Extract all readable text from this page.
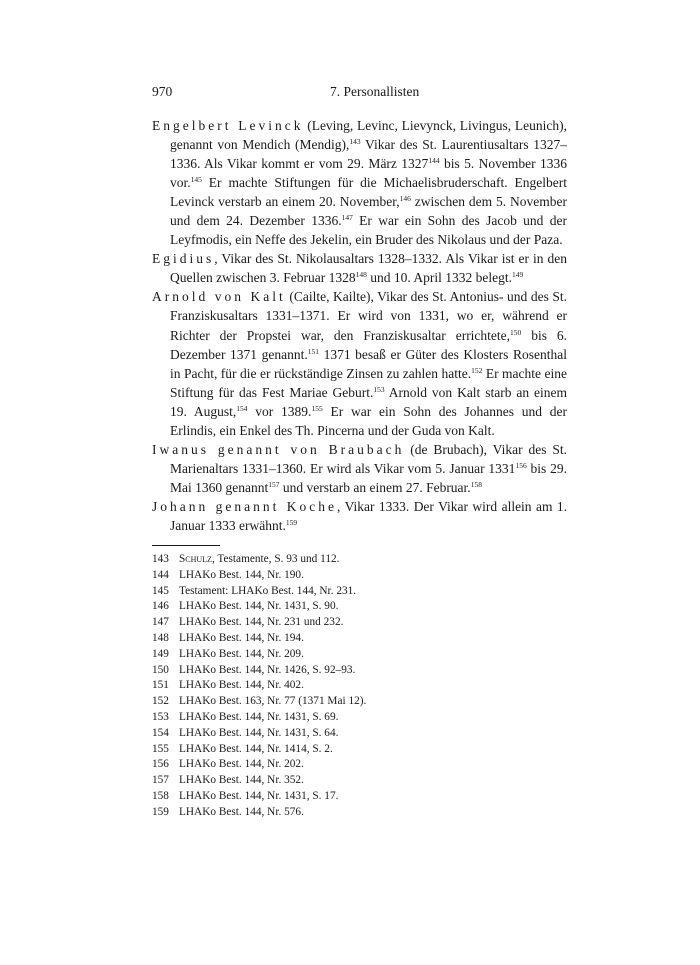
970	7. Personallisten

Engelbert Levinck (Leving, Levinc, Lievynck, Livingus, Leunich), genannt von Mendich (Mendig),$^{143}$ Vikar des St. Laurentiusaltars 1327–1336. Als Vikar kommt er vom 29. März 1327$^{144}$ bis 5. November 1336 vor.$^{145}$ Er machte Stiftungen für die Michaelisbruderschaft. Engelbert Levinck verstarb an einem 20. November,$^{146}$ zwischen dem 5. November und dem 24. Dezember 1336.$^{147}$ Er war ein Sohn des Jacob und der Leyfmodis, ein Neffe des Jekelin, ein Bruder des Nikolaus und der Paza.

Egidius, Vikar des St. Nikolausaltars 1328–1332. Als Vikar ist er in den Quellen zwischen 3. Februar 1328$^{148}$ und 10. April 1332 belegt.$^{149}$

Arnold von Kalt (Cailte, Kailte), Vikar des St. Antonius- und des St. Franziskusaltars 1331–1371. Er wird von 1331, wo er, während er Richter der Propstei war, den Franziskusaltar errichtete,$^{150}$ bis 6. Dezember 1371 genannt.$^{151}$ 1371 besaß er Güter des Klosters Rosenthal in Pacht, für die er rückständige Zinsen zu zahlen hatte.$^{152}$ Er machte eine Stiftung für das Fest Mariae Geburt.$^{153}$ Arnold von Kalt starb an einem 19. August,$^{154}$ vor 1389.$^{155}$ Er war ein Sohn des Johannes und der Erlindis, ein Enkel des Th. Pincerna und der Guda von Kalt.

Iwanus genannt von Braubach (de Brubach), Vikar des St. Marienaltars 1331–1360. Er wird als Vikar vom 5. Januar 1331$^{156}$ bis 29. Mai 1360 genannt$^{157}$ und verstarb an einem 27. Februar.$^{158}$

Johann genannt Koche, Vikar 1333. Der Vikar wird allein am 1. Januar 1333 erwähnt.$^{159}$

143 Schulz, Testamente, S. 93 und 112.
144 LHAKo Best. 144, Nr. 190.
145 Testament: LHAKo Best. 144, Nr. 231.
146 LHAKo Best. 144, Nr. 1431, S. 90.
147 LHAKo Best. 144, Nr. 231 und 232.
148 LHAKo Best. 144, Nr. 194.
149 LHAKo Best. 144, Nr. 209.
150 LHAKo Best. 144, Nr. 1426, S. 92–93.
151 LHAKo Best. 144, Nr. 402.
152 LHAKo Best. 163, Nr. 77 (1371 Mai 12).
153 LHAKo Best. 144, Nr. 1431, S. 69.
154 LHAKo Best. 144, Nr. 1431, S. 64.
155 LHAKo Best. 144, Nr. 1414, S. 2.
156 LHAKo Best. 144, Nr. 202.
157 LHAKo Best. 144, Nr. 352.
158 LHAKo Best. 144, Nr. 1431, S. 17.
159 LHAKo Best. 144, Nr. 576.
